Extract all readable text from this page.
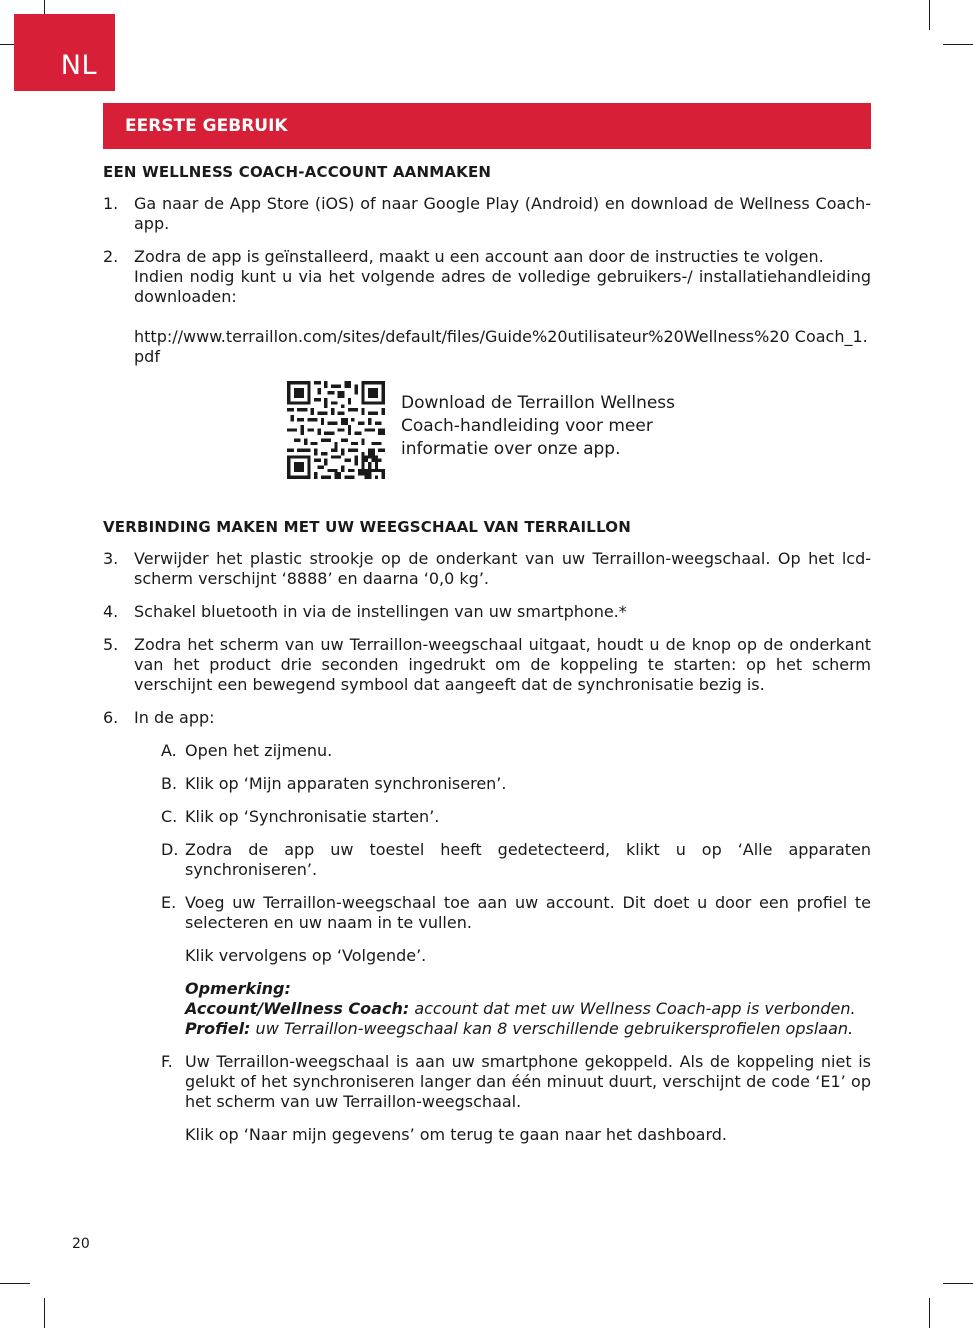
NL
EERSTE GEBRUIK
EEN WELLNESS COACH-ACCOUNT AANMAKEN
1. Ga naar de App Store (iOS) of naar Google Play (Android) en download de Wellness Coach-app.
2. Zodra de app is geïnstalleerd, maakt u een account aan door de instructies te volgen.

Indien nodig kunt u via het volgende adres de volledige gebruikers-/ installatiehandleiding downloaden:

http://www.terraillon.com/sites/default/files/Guide%20utilisateur%20Wellness%20 Coach_1.pdf
Download de Terraillon Wellness Coach-handleiding voor meer informatie over onze app.
VERBINDING MAKEN MET UW WEEGSCHAAL VAN TERRAILLON
3. Verwijder het plastic strookje op de onderkant van uw Terraillon-weegschaal. Op het lcd-scherm verschijnt ‘8888’ en daarna ‘0,0 kg’.
4. Schakel bluetooth in via de instellingen van uw smartphone.*
5. Zodra het scherm van uw Terraillon-weegschaal uitgaat, houdt u de knop op de onderkant van het product drie seconden ingedrukt om de koppeling te starten: op het scherm verschijnt een bewegend symbool dat aangeeft dat de synchronisatie bezig is.
6. In de app:
A. Open het zijmenu.
B. Klik op ‘Mijn apparaten synchroniseren’.
C. Klik op ‘Synchronisatie starten’.
D. Zodra de app uw toestel heeft gedetecteerd, klikt u op ‘Alle apparaten synchroniseren’.
E. Voeg uw Terraillon-weegschaal toe aan uw account. Dit doet u door een profiel te selecteren en uw naam in te vullen.

Klik vervolgens op ‘Volgende’.

Opmerking:

Account/Wellness Coach: account dat met uw Wellness Coach-app is verbonden.

Profiel: uw Terraillon-weegschaal kan 8 verschillende gebruikersprofielen opslaan.

F. Uw Terraillon-weegschaal is aan uw smartphone gekoppeld. Als de koppeling niet is gelukt of het synchroniseren langer dan één minuut duurt, verschijnt de code ‘E1’ op het scherm van uw Terraillon-weegschaal.

Klik op ‘Naar mijn gegevens’ om terug te gaan naar het dashboard.

20
